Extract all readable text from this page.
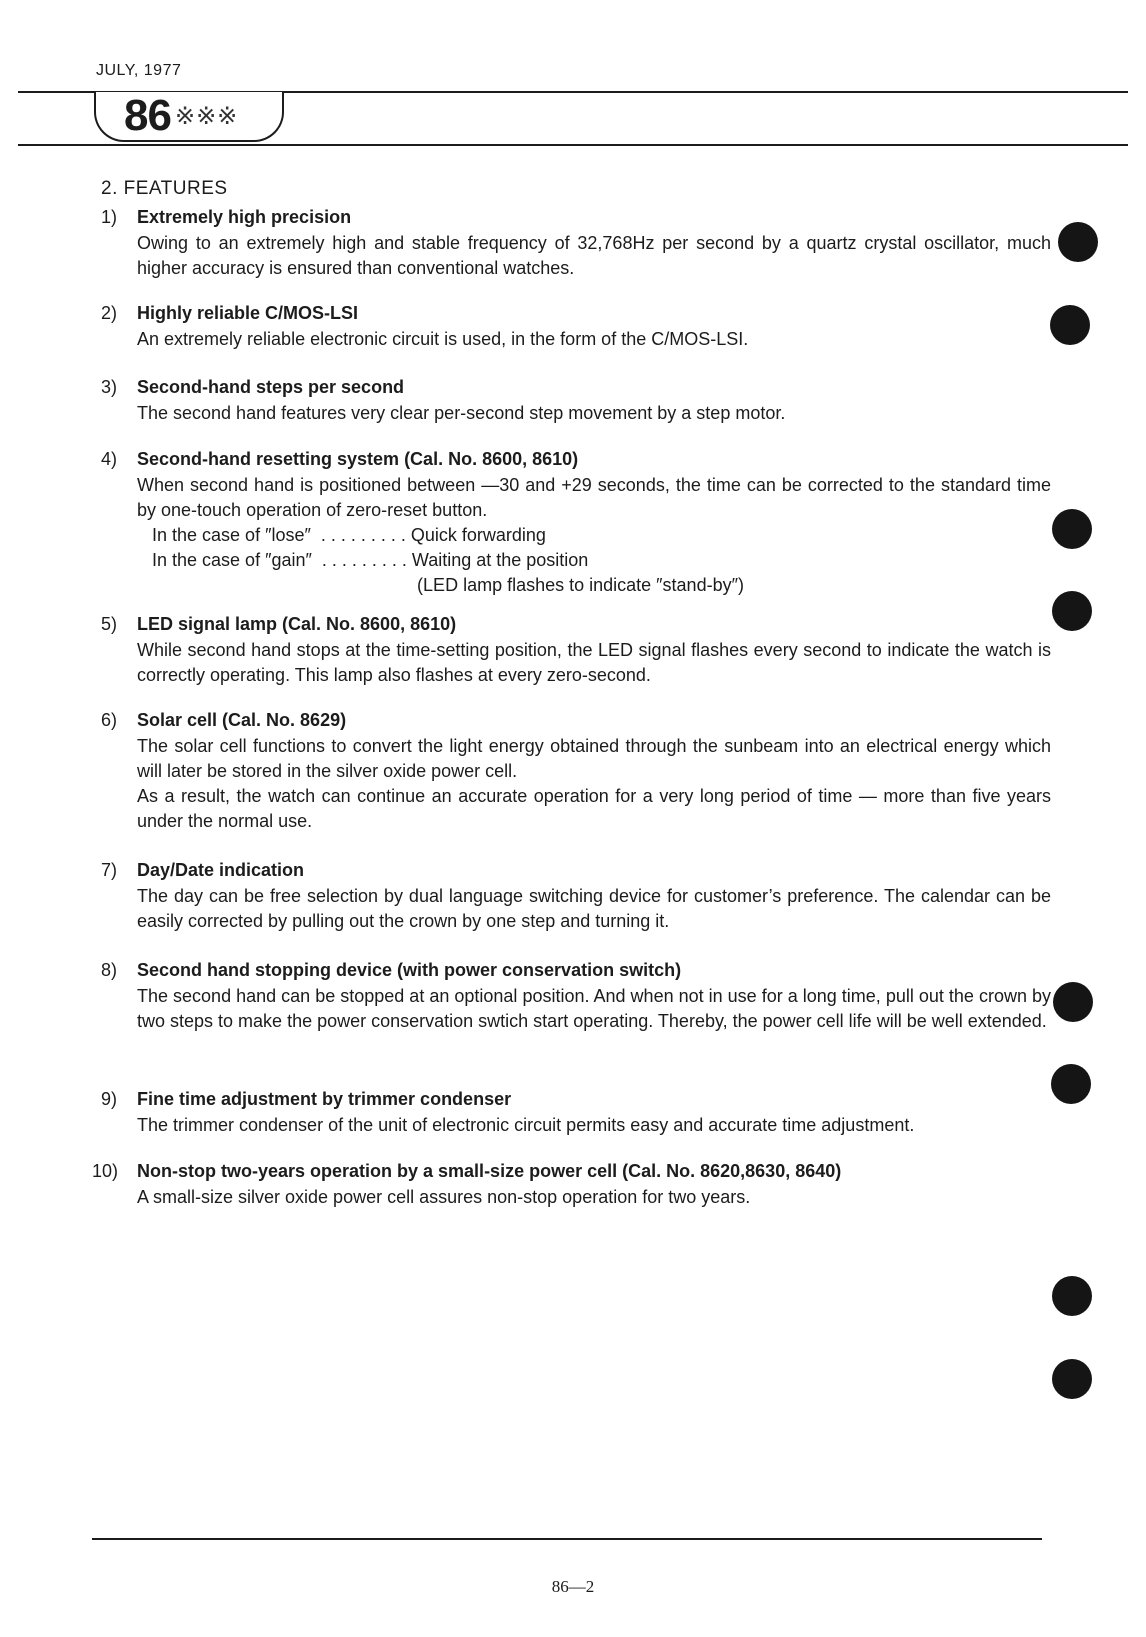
JULY, 1977
86 ※※※
2. FEATURES
1) Extremely high precision
Owing to an extremely high and stable frequency of 32,768Hz per second by a quartz crystal oscillator, much higher accuracy is ensured than conventional watches.
2) Highly reliable C/MOS-LSI
An extremely reliable electronic circuit is used, in the form of the C/MOS-LSI.
3) Second-hand steps per second
The second hand features very clear per-second step movement by a step motor.
4) Second-hand resetting system (Cal. No. 8600, 8610)
When second hand is positioned between —30 and +29 seconds, the time can be corrected to the standard time by one-touch operation of zero-reset button.
In the case of ″lose″  . . . . . . . . . Quick forwarding
In the case of ″gain″  . . . . . . . . . Waiting at the position
(LED lamp flashes to indicate ″stand-by″)
5) LED signal lamp (Cal. No. 8600, 8610)
While second hand stops at the time-setting position, the LED signal flashes every second to indicate the watch is correctly operating. This lamp also flashes at every zero-second.
6) Solar cell (Cal. No. 8629)
The solar cell functions to convert the light energy obtained through the sunbeam into an electrical energy which will later be stored in the silver oxide power cell.
As a result, the watch can continue an accurate operation for a very long period of time — more than five years under the normal use.
7) Day/Date indication
The day can be free selection by dual language switching device for customer’s preference. The calendar can be easily corrected by pulling out the crown by one step and turning it.
8) Second hand stopping device (with power conservation switch)
The second hand can be stopped at an optional position. And when not in use for a long time, pull out the crown by two steps to make the power conservation swtich start operating. Thereby, the power cell life will be well extended.
9) Fine time adjustment by trimmer condenser
The trimmer condenser of the unit of electronic circuit permits easy and accurate time adjustment.
10) Non-stop two-years operation by a small-size power cell (Cal. No. 8620,8630, 8640)
A small-size silver oxide power cell assures non-stop operation for two years.
86—2
